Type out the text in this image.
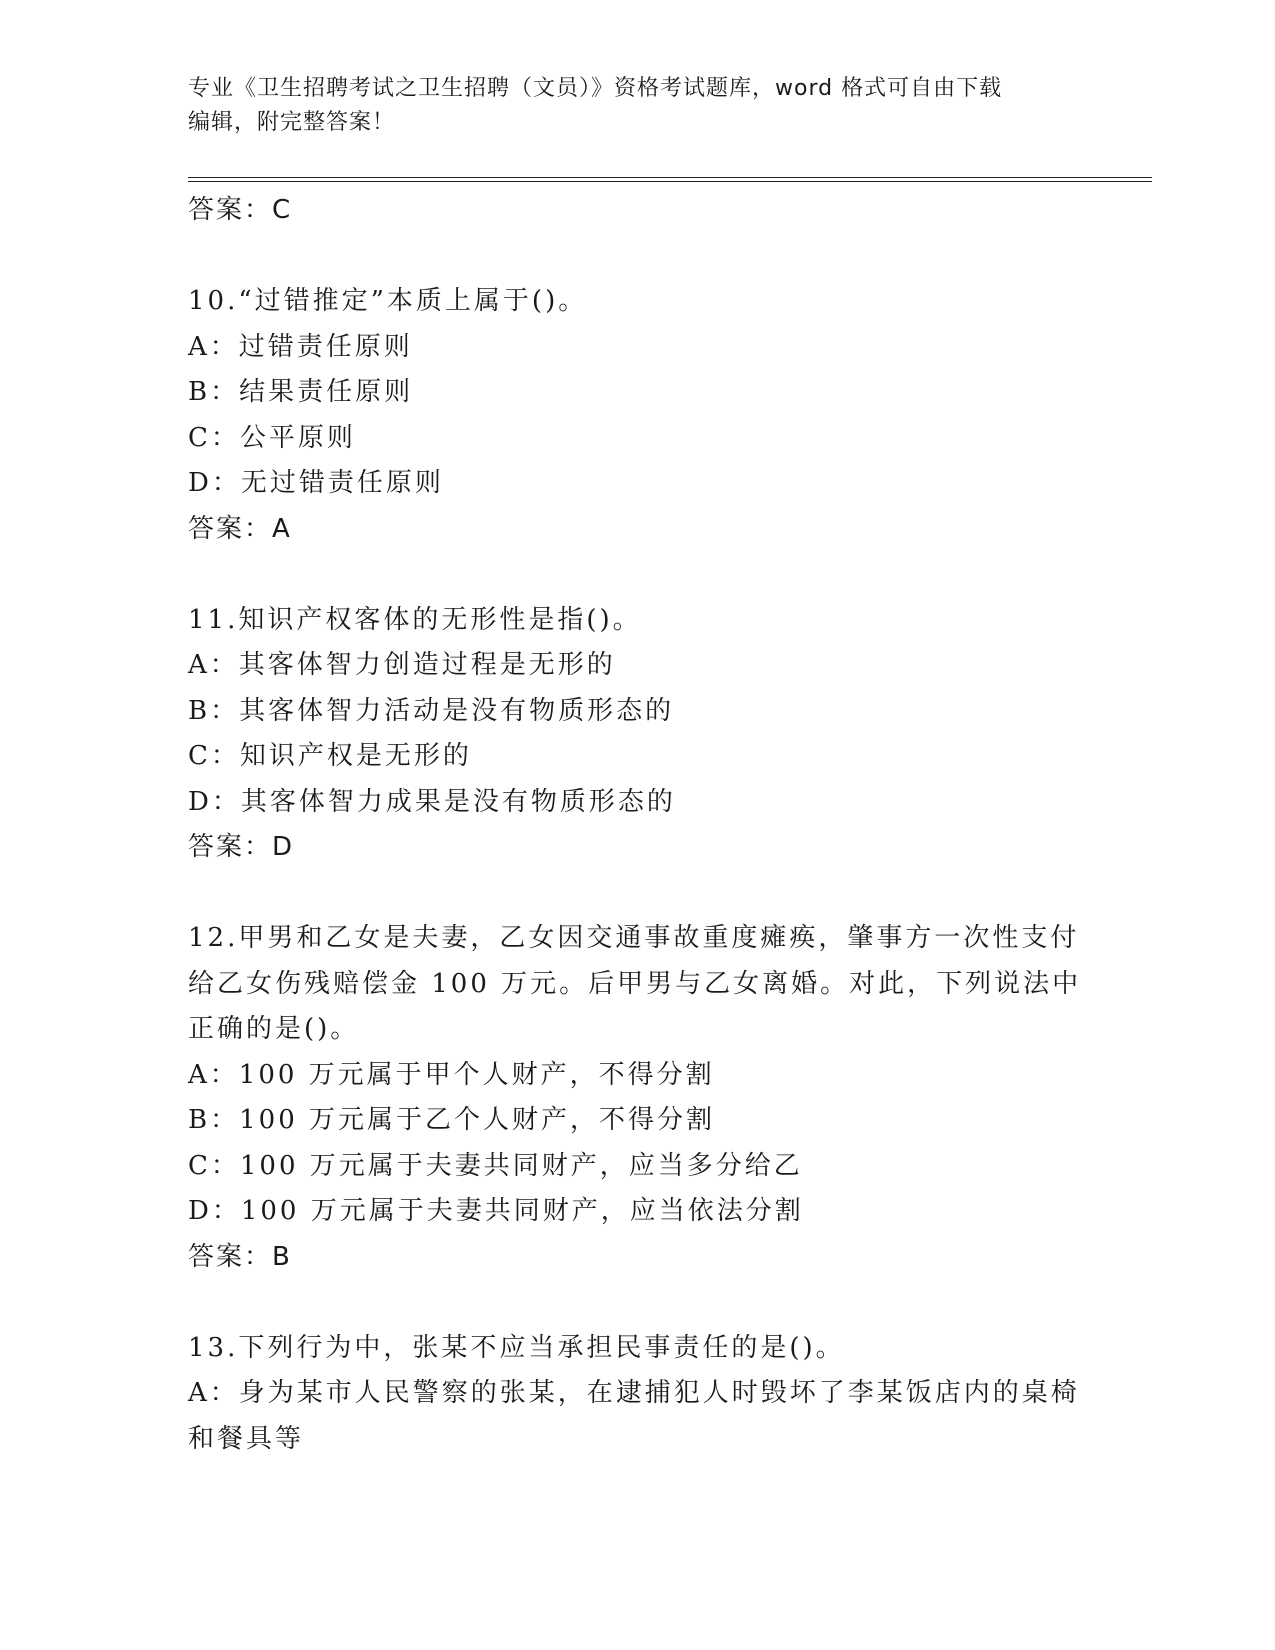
专业《卫生招聘考试之卫生招聘（文员）》资格考试题库，word 格式可自由下载
编辑，附完整答案！
答案：C
10.“过错推定”本质上属于()。
A：过错责任原则
B：结果责任原则
C：公平原则
D：无过错责任原则
答案：A
11.知识产权客体的无形性是指()。
A：其客体智力创造过程是无形的
B：其客体智力活动是没有物质形态的
C：知识产权是无形的
D：其客体智力成果是没有物质形态的
答案：D
12.甲男和乙女是夫妻，乙女因交通事故重度瘫痪，肇事方一次性支付
给乙女伤残赔偿金 100 万元。后甲男与乙女离婚。对此，下列说法中
正确的是()。
A：100 万元属于甲个人财产，不得分割
B：100 万元属于乙个人财产，不得分割
C：100 万元属于夫妻共同财产，应当多分给乙
D：100 万元属于夫妻共同财产，应当依法分割
答案：B
13.下列行为中，张某不应当承担民事责任的是()。
A：身为某市人民警察的张某，在逮捕犯人时毁坏了李某饭店内的桌椅
和餐具等
